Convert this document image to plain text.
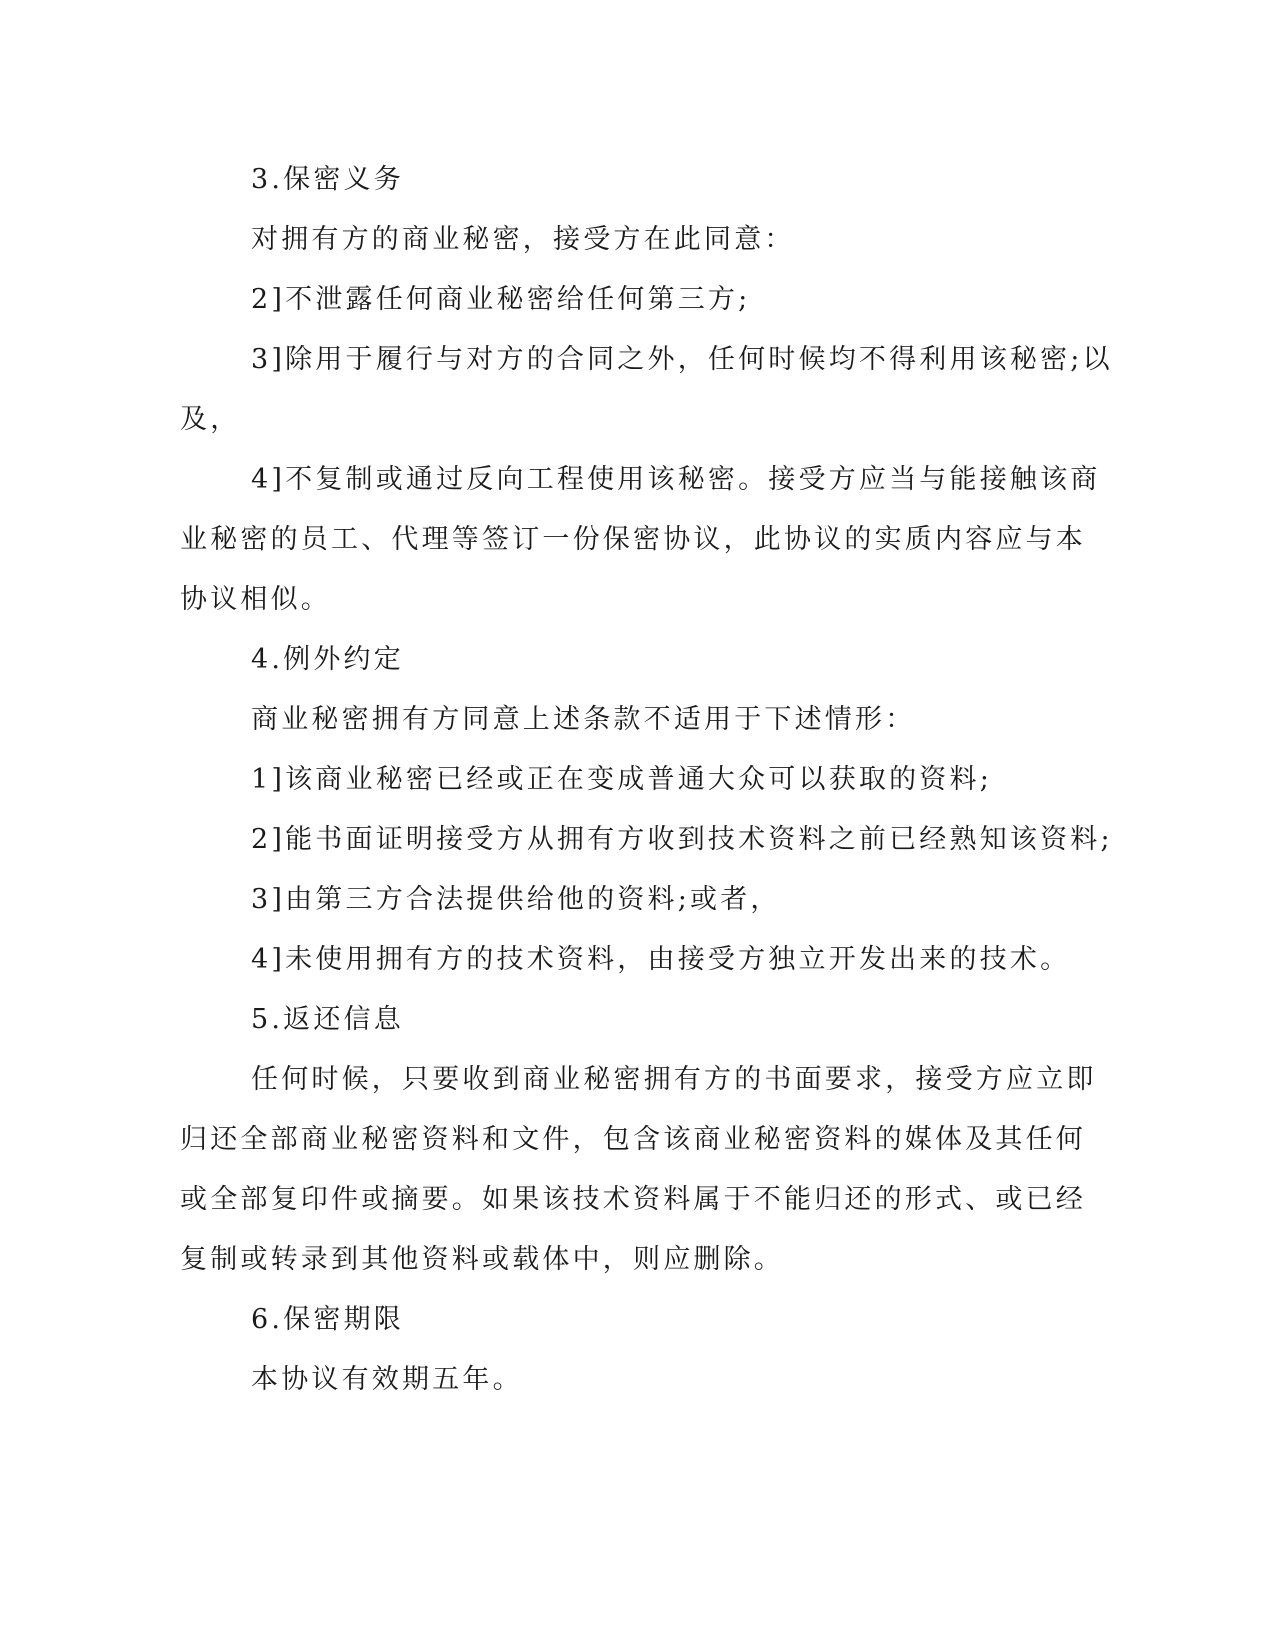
3.保密义务
对拥有方的商业秘密，接受方在此同意：
2]不泄露任何商业秘密给任何第三方;
3]除用于履行与对方的合同之外，任何时候均不得利用该秘密;以
及，
4]不复制或通过反向工程使用该秘密。接受方应当与能接触该商
业秘密的员工、代理等签订一份保密协议，此协议的实质内容应与本
协议相似。
4.例外约定
商业秘密拥有方同意上述条款不适用于下述情形：
1]该商业秘密已经或正在变成普通大众可以获取的资料;
2]能书面证明接受方从拥有方收到技术资料之前已经熟知该资料;
3]由第三方合法提供给他的资料;或者，
4]未使用拥有方的技术资料，由接受方独立开发出来的技术。
5.返还信息
任何时候，只要收到商业秘密拥有方的书面要求，接受方应立即
归还全部商业秘密资料和文件，包含该商业秘密资料的媒体及其任何
或全部复印件或摘要。如果该技术资料属于不能归还的形式、或已经
复制或转录到其他资料或载体中，则应删除。
6.保密期限
本协议有效期五年。
